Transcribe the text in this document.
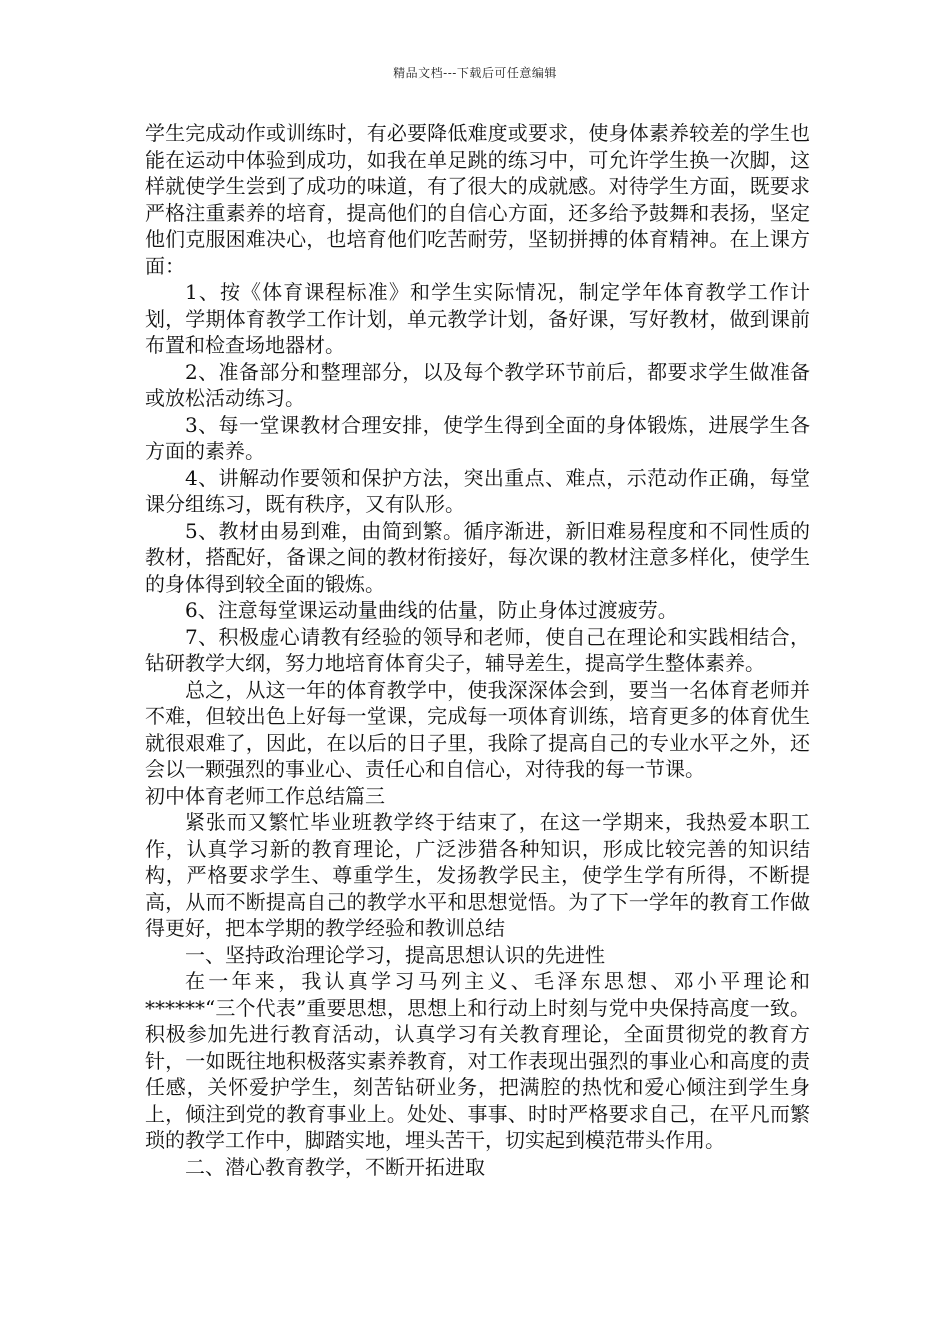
精品文档---下载后可任意编辑

学生完成动作或训练时，有必要降低难度或要求，使身体素养较差的学生也能在运动中体验到成功，如我在单足跳的练习中，可允许学生换一次脚，这样就使学生尝到了成功的味道，有了很大的成就感。对待学生方面，既要求严格注重素养的培育，提高他们的自信心方面，还多给予鼓舞和表扬，坚定他们克服困难决心，也培育他们吃苦耐劳，坚韧拼搏的体育精神。在上课方面：

1、按《体育课程标准》和学生实际情况，制定学年体育教学工作计划，学期体育教学工作计划，单元教学计划，备好课，写好教材，做到课前布置和检查场地器材。

2、准备部分和整理部分，以及每个教学环节前后，都要求学生做准备或放松活动练习。

3、每一堂课教材合理安排，使学生得到全面的身体锻炼，进展学生各方面的素养。

4、讲解动作要领和保护方法，突出重点、难点，示范动作正确，每堂课分组练习，既有秩序，又有队形。

5、教材由易到难，由简到繁。循序渐进，新旧难易程度和不同性质的教材，搭配好，备课之间的教材衔接好，每次课的教材注意多样化，使学生的身体得到较全面的锻炼。

6、注意每堂课运动量曲线的估量，防止身体过渡疲劳。

7、积极虚心请教有经验的领导和老师，使自己在理论和实践相结合，钻研教学大纲，努力地培育体育尖子，辅导差生，提高学生整体素养。

总之，从这一年的体育教学中，使我深深体会到，要当一名体育老师并不难，但较出色上好每一堂课，完成每一项体育训练，培育更多的体育优生就很艰难了，因此，在以后的日子里，我除了提高自己的专业水平之外，还会以一颗强烈的事业心、责任心和自信心，对待我的每一节课。

初中体育老师工作总结篇三

紧张而又繁忙毕业班教学终于结束了，在这一学期来，我热爱本职工作，认真学习新的教育理论，广泛涉猎各种知识，形成比较完善的知识结构，严格要求学生、尊重学生，发扬教学民主，使学生学有所得，不断提高，从而不断提高自己的教学水平和思想觉悟。为了下一学年的教育工作做得更好，把本学期的教学经验和教训总结

一、坚持政治理论学习，提高思想认识的先进性

在一年来，我认真学习马列主义、毛泽东思想、邓小平理论和******“三个代表”重要思想，思想上和行动上时刻与党中央保持高度一致。积极参加先进行教育活动，认真学习有关教育理论，全面贯彻党的教育方针，一如既往地积极落实素养教育，对工作表现出强烈的事业心和高度的责任感，关怀爱护学生，刻苦钻研业务，把满腔的热忱和爱心倾注到学生身上，倾注到党的教育事业上。处处、事事、时时严格要求自己，在平凡而繁琐的教学工作中，脚踏实地，埋头苦干，切实起到模范带头作用。

二、潜心教育教学，不断开拓进取
